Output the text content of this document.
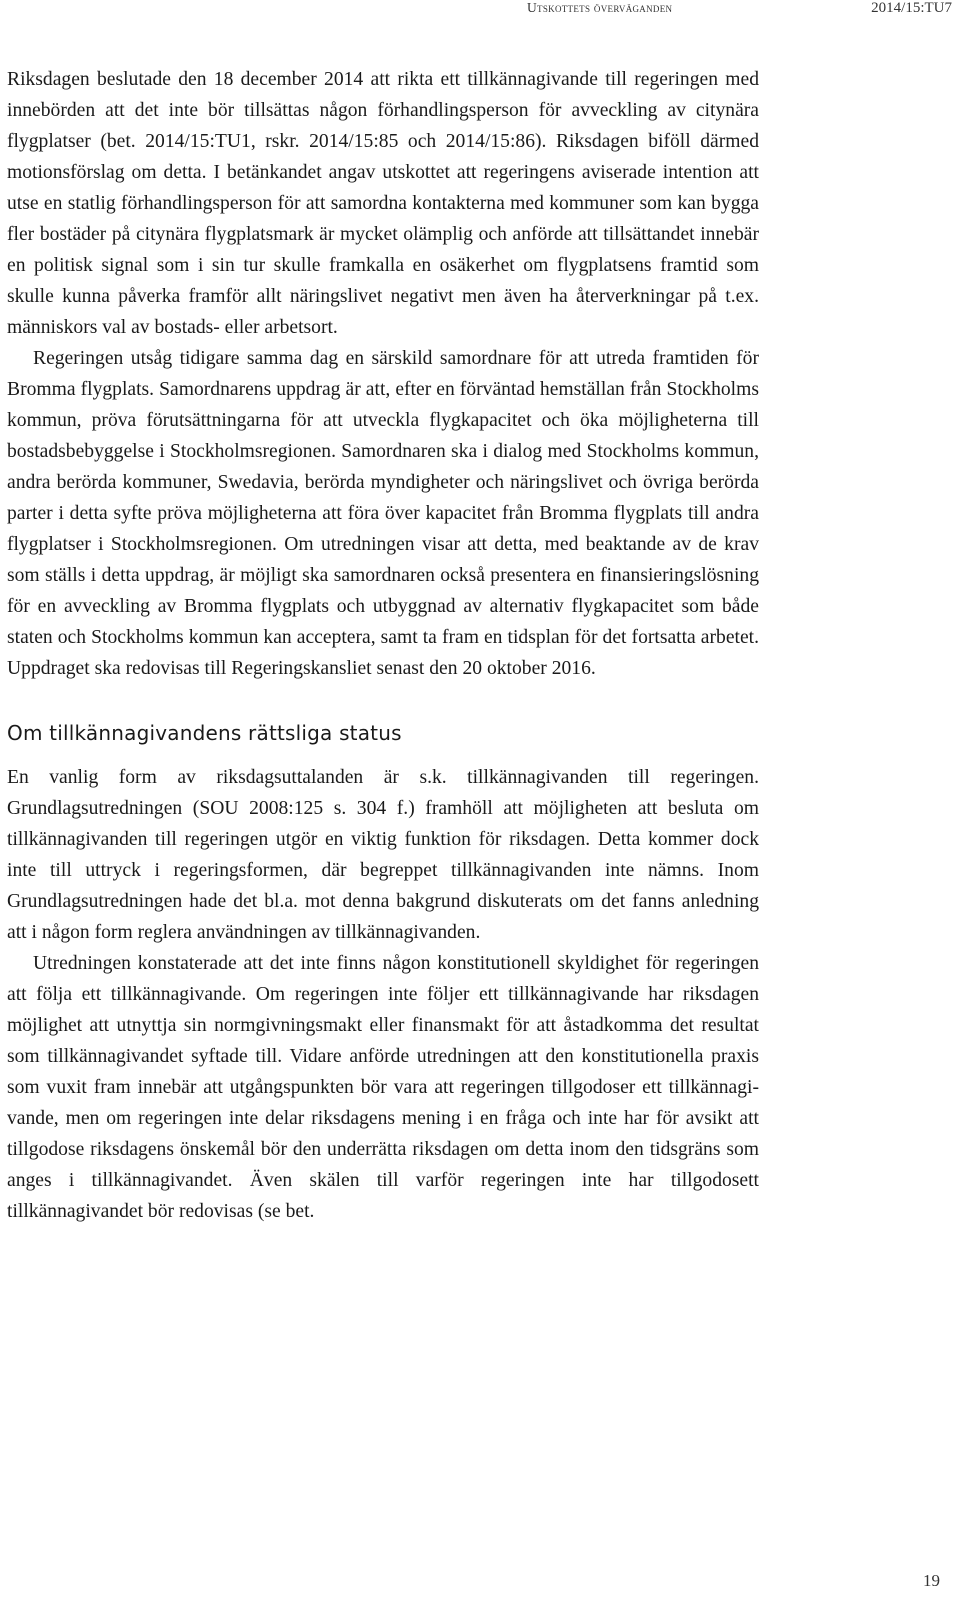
Utskottets överväganden	2014/15:TU7

Riksdagen beslutade den 18 december 2014 att rikta ett tillkännagivande till regeringen med innebörden att det inte bör tillsättas någon förhandlingsperson för avveckling av citynära flygplatser (bet. 2014/15:TU1, rskr. 2014/15:85 och 2014/15:86). Riksdagen biföll därmed motionsförslag om detta. I betänkandet angav utskottet att regeringens aviserade intention att utse en statlig förhandlingsperson för att samordna kontakterna med kommuner som kan bygga fler bostäder på citynära flygplatsmark är mycket olämplig och anförde att tillsättandet innebär en politisk signal som i sin tur skulle framkalla en osäkerhet om flygplatsens framtid som skulle kunna påverka framför allt näringslivet negativt men även ha återverkningar på t.ex. människors val av bostads- eller arbetsort.

Regeringen utsåg tidigare samma dag en särskild samordnare för att utreda framtiden för Bromma flygplats. Samordnarens uppdrag är att, efter en förväntad hemställan från Stockholms kommun, pröva förutsättningarna för att utveckla flygkapacitet och öka möjligheterna till bostadsbebyggelse i Stockholmsregionen. Samordnaren ska i dialog med Stockholms kommun, andra berörda kommuner, Swedavia, berörda myndigheter och näringslivet och övriga berörda parter i detta syfte pröva möjligheterna att föra över kapacitet från Bromma flygplats till andra flygplatser i Stockholmsregionen. Om utredningen visar att detta, med beaktande av de krav som ställs i detta uppdrag, är möjligt ska samordnaren också presentera en finansieringslösning för en avveckling av Bromma flygplats och utbyggnad av alternativ flygkapacitet som både staten och Stockholms kommun kan acceptera, samt ta fram en tidsplan för det fortsatta arbetet. Uppdraget ska redovisas till Regeringskansliet senast den 20 oktober 2016.

Om tillkännagivandens rättsliga status

En vanlig form av riksdagsuttalanden är s.k. tillkännagivanden till regeringen. Grundlagsutredningen (SOU 2008:125 s. 304 f.) framhöll att möjligheten att besluta om tillkännagivanden till regeringen utgör en viktig funktion för riksdagen. Detta kommer dock inte till uttryck i regeringsformen, där begreppet tillkännagivanden inte nämns. Inom Grundlagsutredningen hade det bl.a. mot denna bakgrund diskuterats om det fanns anledning att i någon form reglera användningen av tillkännagivanden.

Utredningen konstaterade att det inte finns någon konstitutionell skyldighet för regeringen att följa ett tillkännagivande. Om regeringen inte följer ett tillkännagivande har riksdagen möjlighet att utnyttja sin normgivningsmakt eller finansmakt för att åstadkomma det resultat som tillkännagivandet syftade till. Vidare anförde utredningen att den konstitutionella praxis som vuxit fram innebär att utgångspunkten bör vara att regeringen tillgodoser ett tillkännagivande, men om regeringen inte delar riksdagens mening i en fråga och inte har för avsikt att tillgodose riksdagens önskemål bör den underrätta riksdagen om detta inom den tidsgräns som anges i tillkännagivandet. Även skälen till varför regeringen inte har tillgodosett tillkännagivandet bör redovisas (se bet.

19
